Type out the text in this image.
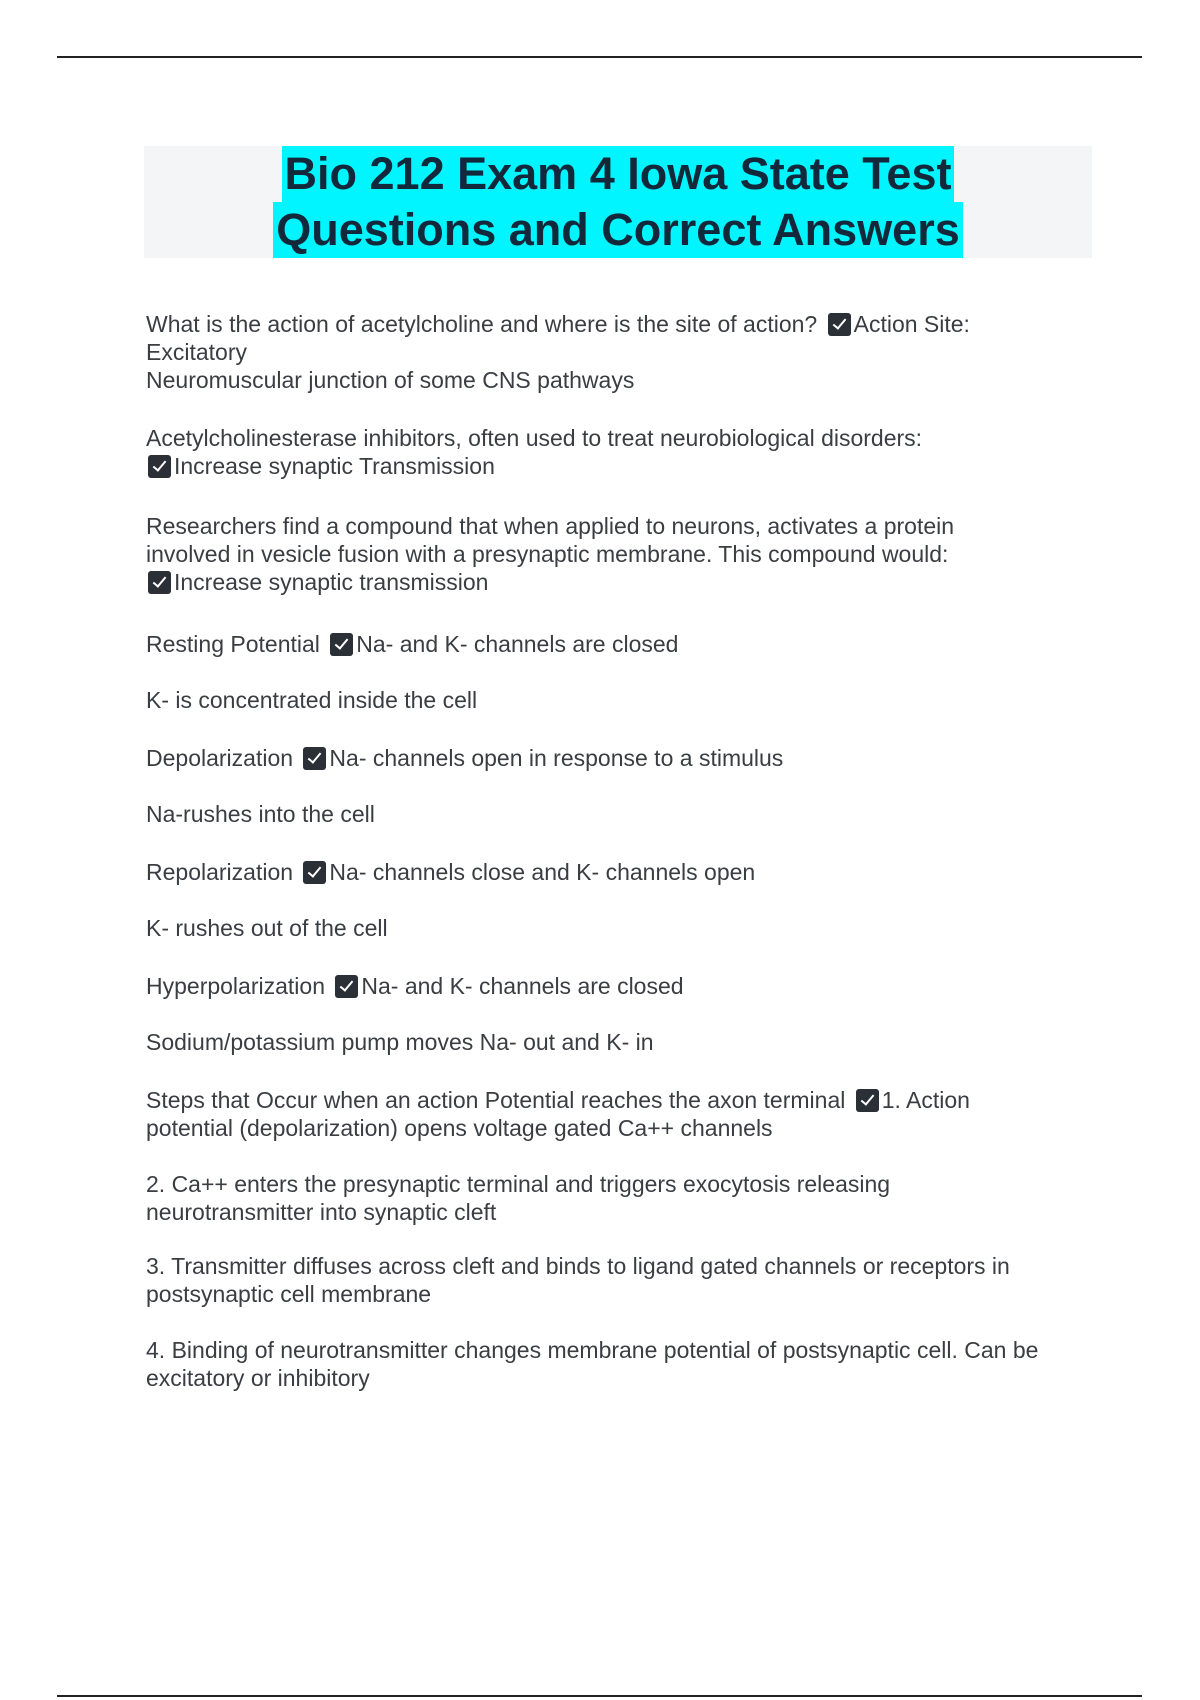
Bio 212 Exam 4 Iowa State Test
Questions and Correct Answers
What is the action of acetylcholine and where is the site of action? Action Site:
Excitatory
Neuromuscular junction of some CNS pathways
Acetylcholinesterase inhibitors, often used to treat neurobiological disorders:
Increase synaptic Transmission
Researchers find a compound that when applied to neurons, activates a protein
involved in vesicle fusion with a presynaptic membrane. This compound would:
Increase synaptic transmission
Resting Potential Na- and K- channels are closed
K- is concentrated inside the cell
Depolarization Na- channels open in response to a stimulus
Na-rushes into the cell
Repolarization Na- channels close and K- channels open
K- rushes out of the cell
Hyperpolarization Na- and K- channels are closed
Sodium/potassium pump moves Na- out and K- in
Steps that Occur when an action Potential reaches the axon terminal 1. Action
potential (depolarization) opens voltage gated Ca++ channels
2. Ca++ enters the presynaptic terminal and triggers exocytosis releasing
neurotransmitter into synaptic cleft
3. Transmitter diffuses across cleft and binds to ligand gated channels or receptors in
postsynaptic cell membrane
4. Binding of neurotransmitter changes membrane potential of postsynaptic cell. Can be
excitatory or inhibitory
